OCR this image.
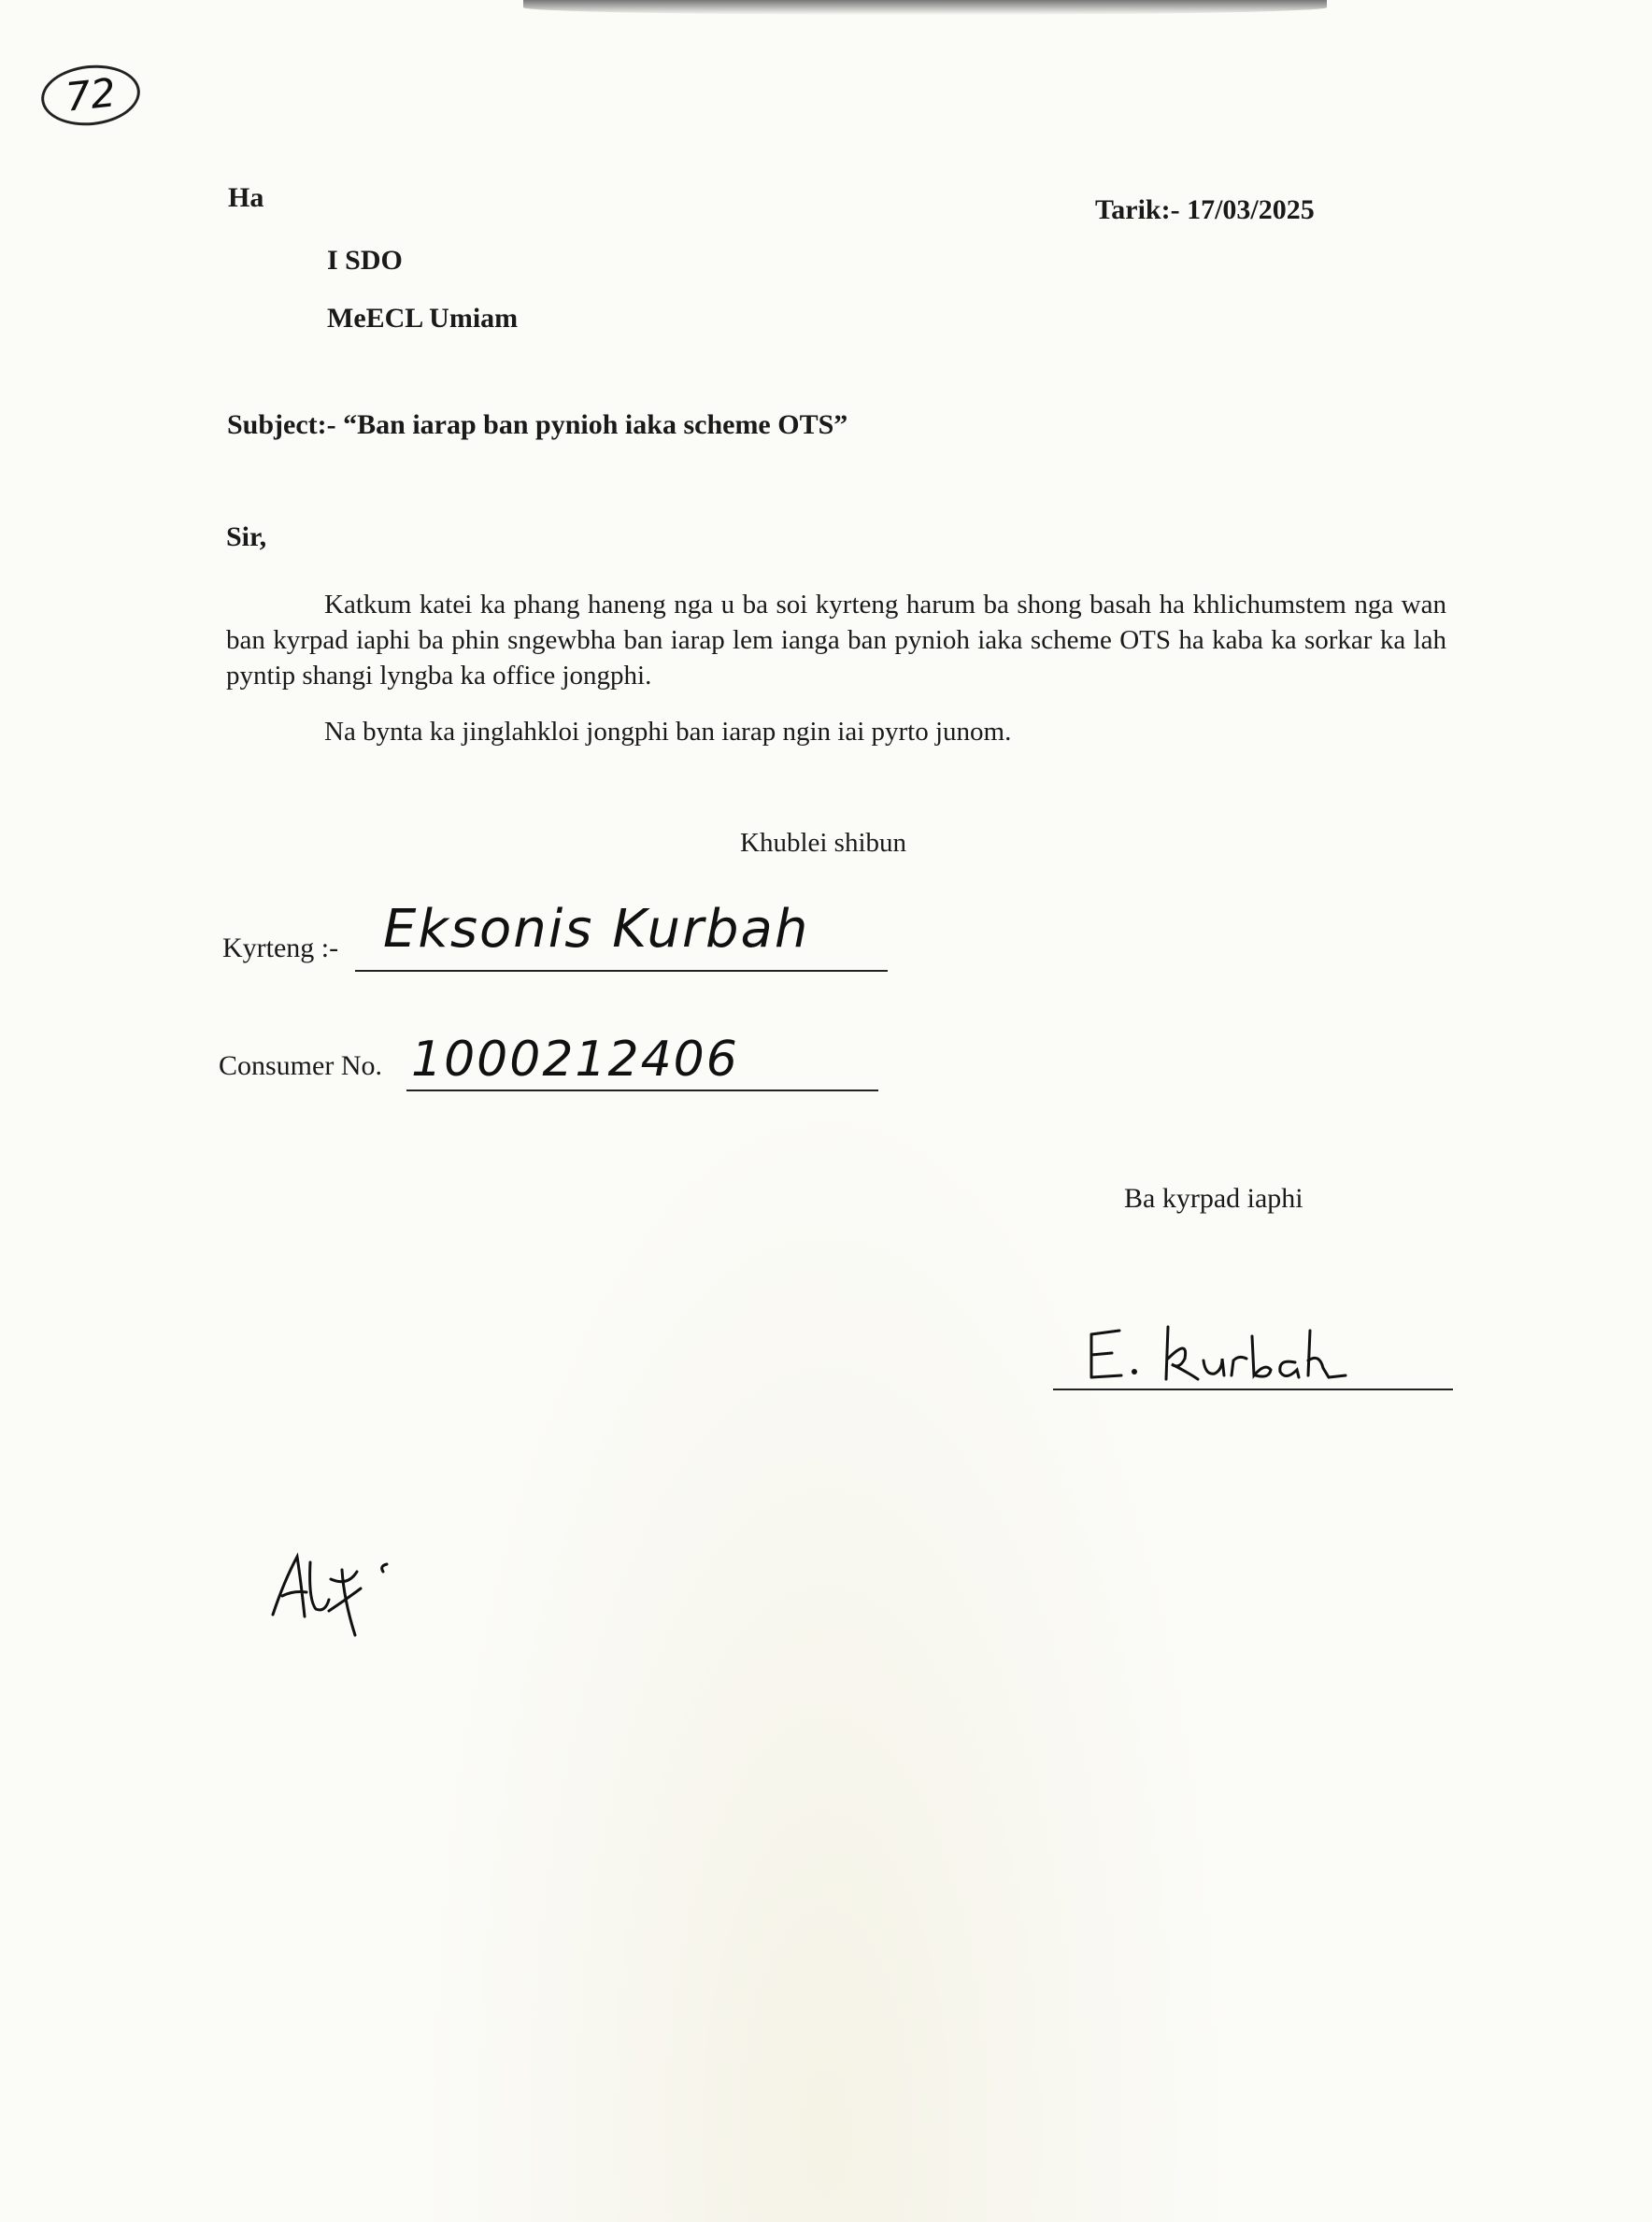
72
Ha	Tarik:- 17/03/2025
I SDO
MeECL Umiam
Subject:- “Ban iarap ban pynioh iaka scheme OTS”
Sir,
Katkum katei ka phang haneng nga u ba soi kyrteng harum ba shong basah ha khlichumstem nga wan ban kyrpad iaphi ba phin sngewbha ban iarap lem ianga ban pynioh iaka scheme OTS ha kaba ka sorkar ka lah pyntip shangi lyngba ka office jongphi.
Na bynta ka jinglahkloi jongphi ban iarap ngin iai pyrto junom.
Khublei shibun
Kyrteng :- Eksonis Kurbah
Consumer No. 1000212406
Ba kyrpad iaphi
